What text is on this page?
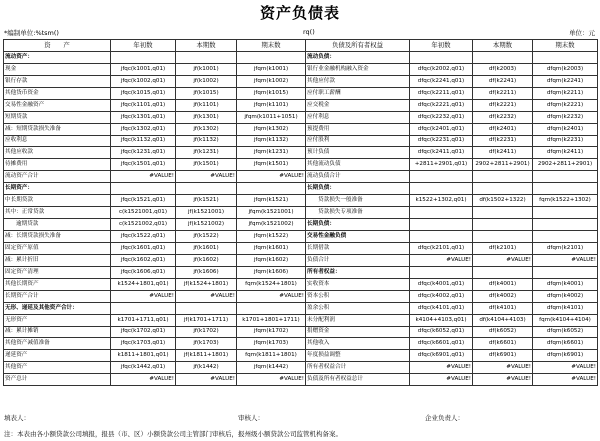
资产负债表
*编制单位:%tsm()	rq()	单位：元
资　　产	年初数	本期数	期末数	负债及所有者权益	年初数	本期数	期末数
流动资产：				流动负债：			
现金	jfqc(k1001,q01)	jf(k1001)	jfqm(k1001)	银行业金融机构融入资金	dfqc(k2002,q01)	df(k2003)	dfqm(k2003)
银行存款	jfqc(k1002,q01)	jf(k1002)	jfqm(k1002)	其他应付款	dfqc(k2241,q01)	df(k2241)	dfqm(k2241)
其他货币资金	jfqc(k1015,q01)	jf(k1015)	jfqm(k1015)	应付职工薪酬	dfqc(k2211,q01)	df(k2211)	dfqm(k2211)
交易性金融资产	jfqc(k1101,q01)	jf(k1101)	jfqm(k1101)	应交税金	dfqc(k2221,q01)	df(k2221)	dfqm(k2221)
短期贷款	jfqc(k1301,q01)	jf(k1301)	jfqm(k1011+1051)	应付利息	dfqc(k2232,q01)	df(k2232)	dfqm(k2232)
减：短期贷款损失准备	jfqc(k1302,q01)	jf(k1302)	jfqm(k1302)	预提费用	dfqc(k2401,q01)	df(k2401)	dfqm(k2401)
应收利息	jfqc(k1132,q01)	jf(k1132)	jfqm(k1132)	应付股利	dfqc(k2231,q01)	df(k2231)	dfqm(k2231)
其他应收款	jfqc(k1231,q01)	jf(k1231)	jfqm(k1231)	预计负债	dfqc(k2411,q01)	df(k2411)	dfqm(k2411)
待摊费用	jfqc(k1501,q01)	jf(k1501)	jfqm(k1501)	其他流动负债	+2811+2901,q01)	2902+2811+2901)	2902+2811+2901)
流动资产合计	#VALUE!	#VALUE!	#VALUE!	流动负债合计			
长期资产：				长期负债：			
中长期贷款	jfqc(k1521,q01)	jf(k1521)	jfqm(k1521)	贷款损失一般准备	k1522+1302,q01)	df(k1502+1322)	fqm(k1522+1302)
其中：正常贷款	c(k1521001,q01)	jf(k1521001)	jfqm(k1521001)	贷款损失专项准备			
逾期贷款	c(k1521002,q01)	jf(k1521002)	jfqm(k1521002)	长期负债：			
减：长期贷款损失准备	jfqc(k1522,q01)	jf(k1522)	jfqm(k1522)	交易性金融负债			
固定资产原值	jfqc(k1601,q01)	jf(k1601)	jfqm(k1601)	长期借款	dfqc(k2101,q01)	df(k2101)	dfqm(k2101)
减：累计折旧	jfqc(k1602,q01)	jf(k1602)	jfqm(k1602)	负债合计	#VALUE!	#VALUE!	#VALUE!
固定资产清理	jfqc(k1606,q01)	jf(k1606)	jfqm(k1606)	所有者权益：			
其他长期资产	k1524+1801,q01)	jf(k1524+1801)	fqm(k1524+1801)	实收资本	dfqc(k4001,q01)	df(k4001)	dfqm(k4001)
长期资产合计	#VALUE!	#VALUE!	#VALUE!	资本公积	dfqc(k4002,q01)	df(k4002)	dfqm(k4002)
无形、递延及其他资产合计：				盈余公积	dfqc(k4101,q01)	df(k4101)	dfqm(k4101)
无形资产	k1701+1711,q01)	jf(k1701+1711)	k1701+1801+1711)	未分配利润	k4104+4103,q01)	df(k4104+4103)	fqm(k4104+4104)
减：累计摊销	jfqc(k1702,q01)	jf(k1702)	jfqm(k1702)	捐赠资金	dfqc(k6052,q01)	df(k6052)	dfqm(k6052)
其他资产减值准备	jfqc(k1703,q01)	jf(k1703)	jfqm(k1703)	其他收入	dfqc(k6601,q01)	df(k6601)	dfqm(k6601)
递延资产	k1811+1801,q01)	jf(k1811+1801)	fqm(k1811+1801)	年度损益调整	dfqc(k6901,q01)	df(k6901)	dfqm(k6901)
其他资产	jfqc(k1442,q01)	jf(k1442)	jfqm(k1442)	所有者权益合计	#VALUE!	#VALUE!	#VALUE!
资产总计	#VALUE!	#VALUE!	#VALUE!	负债及所有者权益总计	#VALUE!	#VALUE!	#VALUE!
填表人：	审核人：	企业负责人：
注：本表由各小额贷款公司填报，报县（市、区）小额贷款公司主管部门审核后，报州级小额贷款公司监管机构备案。
